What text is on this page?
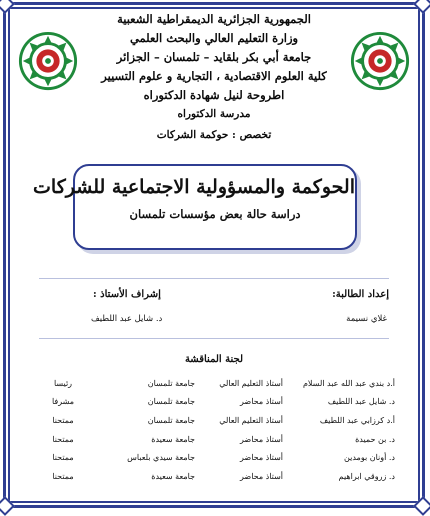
الجمهورية الجزائرية الديمقراطية الشعبية
وزارة التعليم العالي والبحث العلمي
جامعة أبي بكر بلقايد – تلمسان – الجزائر
كلية العلوم الاقتصادية ، التجارية و علوم التسيير
اطروحة لنيل شهادة الدكتوراه
مدرسة الدكتوراه
تخصص : حوكمة الشركات
الحوكمة والمسؤولية الاجتماعية للشركات
دراسة حالة بعض مؤسسات تلمسان
إعداد الطالبة:
غلاي نسيمة
إشراف الأستاذ :
د. شايل عبد اللطيف
لجنة المناقشة
أ.د بندي عبد الله عبد السلام	أستاذ التعليم العالي	جامعة تلمسان	رئيسا
د. شايل عبد اللطيف	أستاذ محاضر	جامعة تلمسان	مشرفا
أ.د كرزابي عبد اللطيف	أستاذ التعليم العالي	جامعة تلمسان	ممتحنا
د. بن حميدة	أستاذ محاضر	جامعة سعيدة	ممتحنا
د. أونان بومدين	أستاذ محاضر	جامعة سيدي بلعباس	ممتحنا
د. زروقي ابراهيم	أستاذ محاضر	جامعة سعيدة	ممتحنا
